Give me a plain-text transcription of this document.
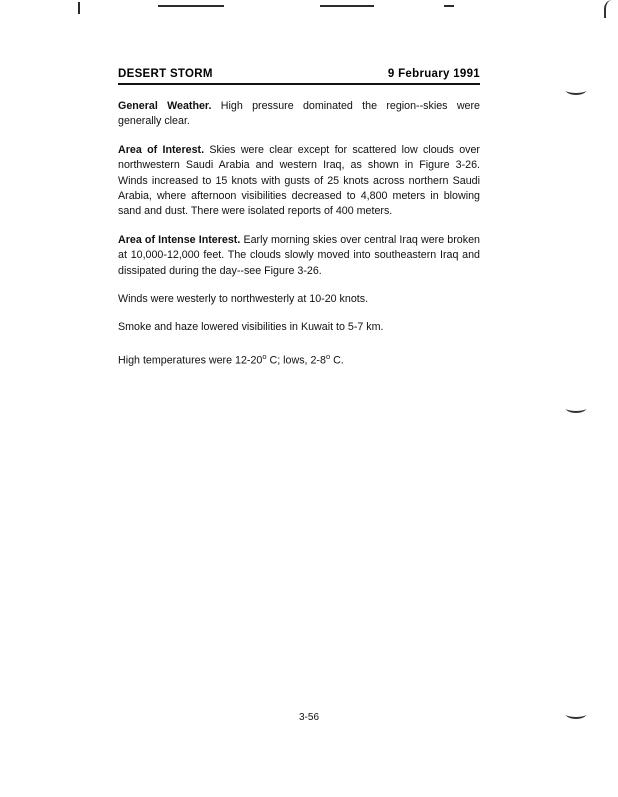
DESERT STORM	9 February 1991

General Weather. High pressure dominated the region--skies were generally clear.

Area of Interest. Skies were clear except for scattered low clouds over northwestern Saudi Arabia and western Iraq, as shown in Figure 3-26. Winds increased to 15 knots with gusts of 25 knots across northern Saudi Arabia, where afternoon visibilities decreased to 4,800 meters in blowing sand and dust. There were isolated reports of 400 meters.

Area of Intense Interest. Early morning skies over central Iraq were broken at 10,000-12,000 feet. The clouds slowly moved into southeastern Iraq and dissipated during the day--see Figure 3-26.

Winds were westerly to northwesterly at 10-20 knots.

Smoke and haze lowered visibilities in Kuwait to 5-7 km.

High temperatures were 12-20$^o$ C; lows, 2-8$^o$ C.

3-56
